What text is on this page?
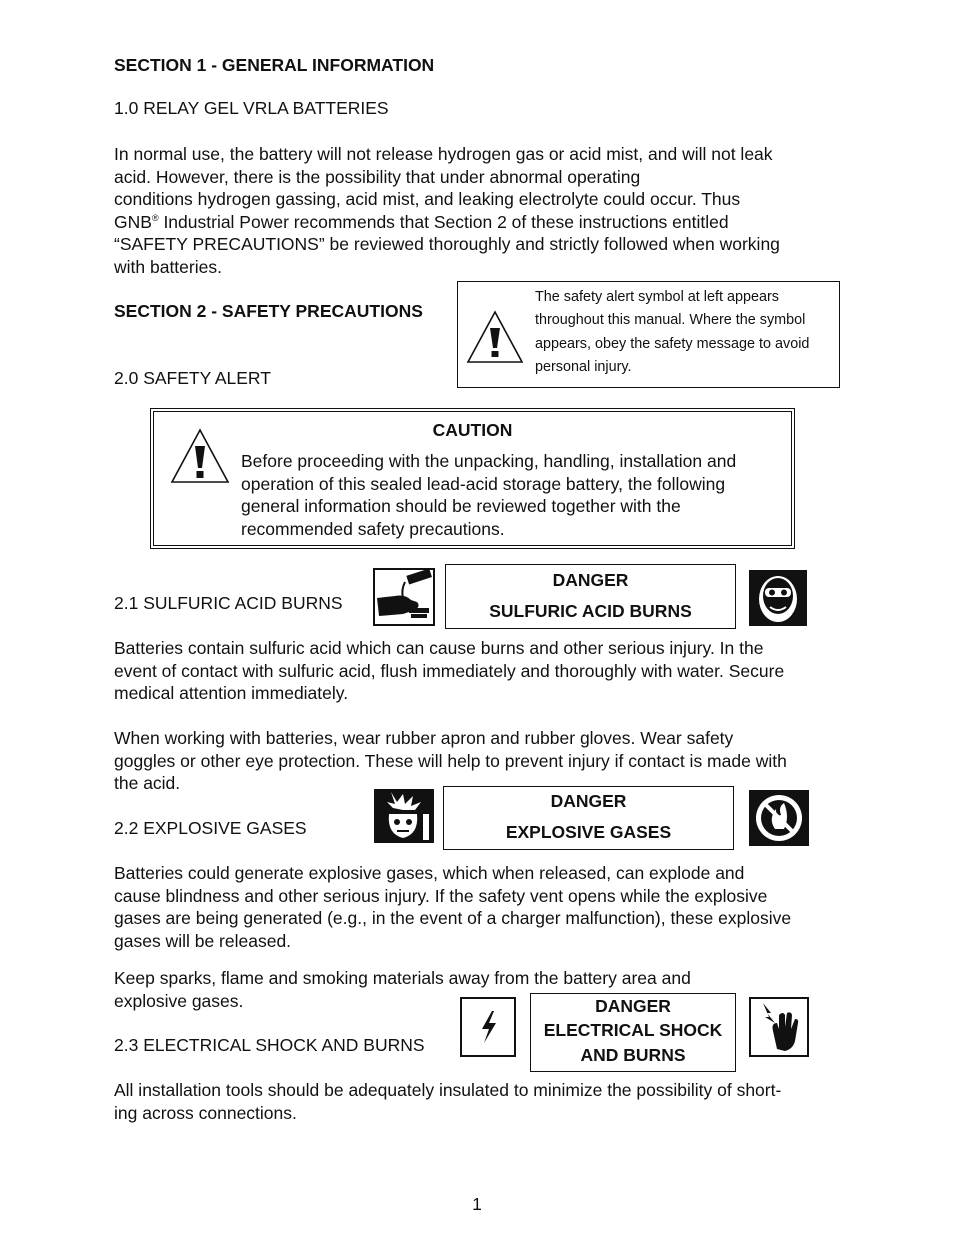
SECTION 1 - GENERAL INFORMATION
1.0 RELAY GEL VRLA BATTERIES
In normal use, the battery will not release hydrogen gas or acid mist, and will not leak
acid. However, there is the possibility that under abnormal operating
conditions hydrogen gassing, acid mist, and leaking electrolyte could occur. Thus
GNB® Industrial Power recommends that Section 2 of these instructions entitled
“SAFETY PRECAUTIONS” be reviewed thoroughly and strictly followed when working
with batteries.
SECTION 2 - SAFETY PRECAUTIONS
2.0 SAFETY ALERT
The safety alert symbol at left appears
throughout this manual. Where the symbol
appears, obey the safety message to avoid
personal injury.
CAUTION
Before proceeding with the unpacking, handling, installation and
operation of this sealed lead-acid storage battery, the following
general information should be reviewed together with the
recommended safety precautions.
2.1 SULFURIC ACID BURNS
DANGER
SULFURIC ACID BURNS
Batteries contain sulfuric acid which can cause burns and other serious injury. In the
event of contact with sulfuric acid, flush immediately and thoroughly with water. Secure
medical attention immediately.
When working with batteries, wear rubber apron and rubber gloves. Wear safety
goggles or other eye protection. These will help to prevent injury if contact is made with
the acid.
2.2 EXPLOSIVE GASES
DANGER
EXPLOSIVE GASES
Batteries could generate explosive gases, which when released, can explode and
cause blindness and other serious injury. If the safety vent opens while the explosive
gases are being generated (e.g., in the event of a charger malfunction), these explosive
gases will be released.
Keep sparks, flame and smoking materials away from the battery area and
explosive gases.
2.3 ELECTRICAL SHOCK AND BURNS
DANGER
ELECTRICAL SHOCK
AND BURNS
All installation tools should be adequately insulated to minimize the possibility of short-
ing across connections.
1
